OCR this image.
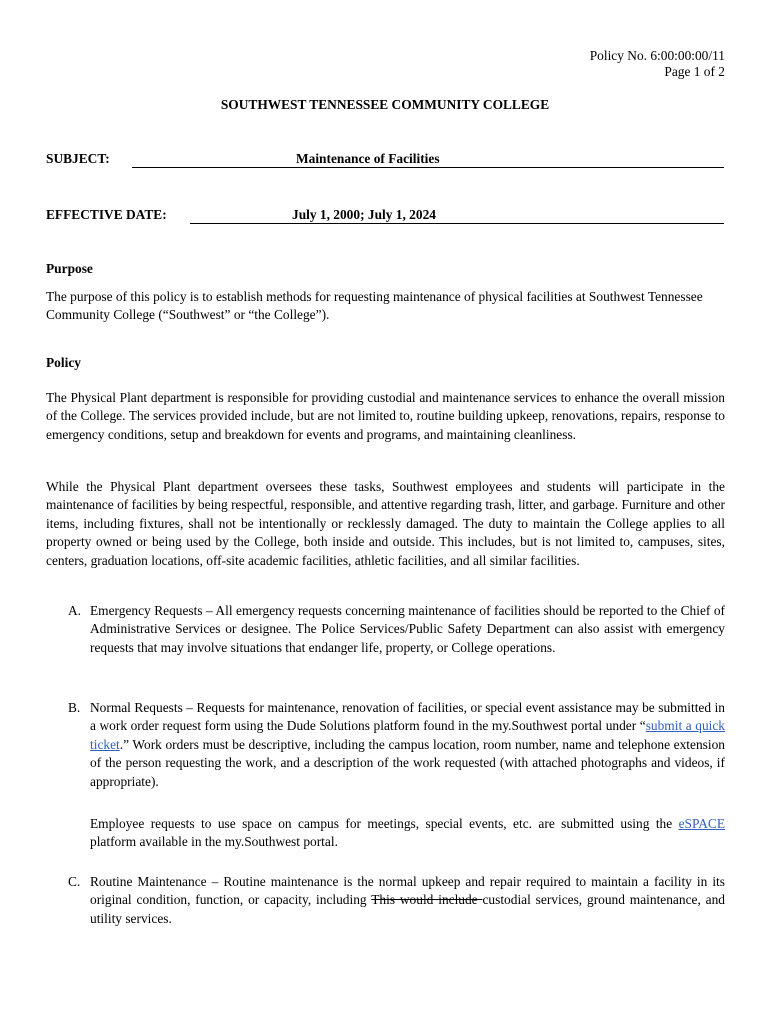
Policy No. 6:00:00:00/11
Page 1 of 2
SOUTHWEST TENNESSEE COMMUNITY COLLEGE
SUBJECT:	Maintenance of Facilities
EFFECTIVE DATE:	July 1, 2000; July 1, 2024
Purpose
The purpose of this policy is to establish methods for requesting maintenance of physical facilities at Southwest Tennessee Community College (“Southwest” or “the College”).
Policy
The Physical Plant department is responsible for providing custodial and maintenance services to enhance the overall mission of the College. The services provided include, but are not limited to, routine building upkeep, renovations, repairs, response to emergency conditions, setup and breakdown for events and programs, and maintaining cleanliness.
While the Physical Plant department oversees these tasks, Southwest employees and students will participate in the maintenance of facilities by being respectful, responsible, and attentive regarding trash, litter, and garbage. Furniture and other items, including fixtures, shall not be intentionally or recklessly damaged. The duty to maintain the College applies to all property owned or being used by the College, both inside and outside. This includes, but is not limited to, campuses, sites, centers, graduation locations, off-site academic facilities, athletic facilities, and all similar facilities.
A. Emergency Requests – All emergency requests concerning maintenance of facilities should be reported to the Chief of Administrative Services or designee. The Police Services/Public Safety Department can also assist with emergency requests that may involve situations that endanger life, property, or College operations.
B. Normal Requests – Requests for maintenance, renovation of facilities, or special event assistance may be submitted in a work order request form using the Dude Solutions platform found in the my.Southwest portal under “submit a quick ticket.” Work orders must be descriptive, including the campus location, room number, name and telephone extension of the person requesting the work, and a description of the work requested (with attached photographs and videos, if appropriate).
Employee requests to use space on campus for meetings, special events, etc. are submitted using the eSPACE platform available in the my.Southwest portal.
C. Routine Maintenance – Routine maintenance is the normal upkeep and repair required to maintain a facility in its original condition, function, or capacity, including This would include custodial services, ground maintenance, and utility services.
